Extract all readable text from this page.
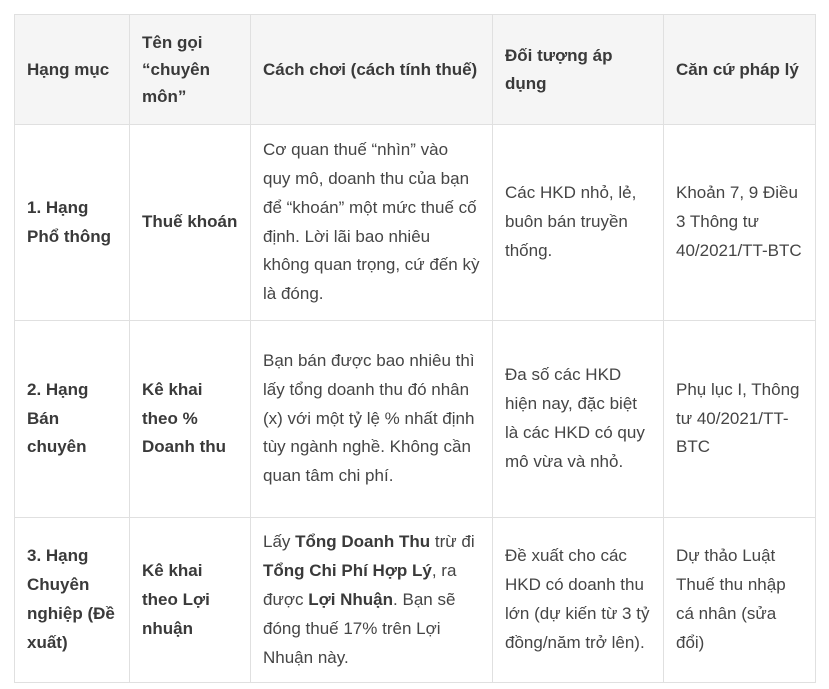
Hạng mục	Tên gọi “chuyên môn”	Cách chơi (cách tính thuế)	Đối tượng áp dụng	Căn cứ pháp lý
1. Hạng Phổ thông	Thuế khoán	Cơ quan thuế “nhìn” vào quy mô, doanh thu của bạn để “khoán” một mức thuế cố định. Lời lãi bao nhiêu không quan trọng, cứ đến kỳ là đóng.	Các HKD nhỏ, lẻ, buôn bán truyền thống.	Khoản 7, 9 Điều 3 Thông tư 40/2021/TT-BTC
2. Hạng Bán chuyên	Kê khai theo % Doanh thu	Bạn bán được bao nhiêu thì lấy tổng doanh thu đó nhân (x) với một tỷ lệ % nhất định tùy ngành nghề. Không cần quan tâm chi phí.	Đa số các HKD hiện nay, đặc biệt là các HKD có quy mô vừa và nhỏ.	Phụ lục I, Thông tư 40/2021/TT-BTC
3. Hạng Chuyên nghiệp (Đề xuất)	Kê khai theo Lợi nhuận	Lấy Tổng Doanh Thu trừ đi Tổng Chi Phí Hợp Lý, ra được Lợi Nhuận. Bạn sẽ đóng thuế 17% trên Lợi Nhuận này.	Đề xuất cho các HKD có doanh thu lớn (dự kiến từ 3 tỷ đồng/năm trở lên).	Dự thảo Luật Thuế thu nhập cá nhân (sửa đổi)
